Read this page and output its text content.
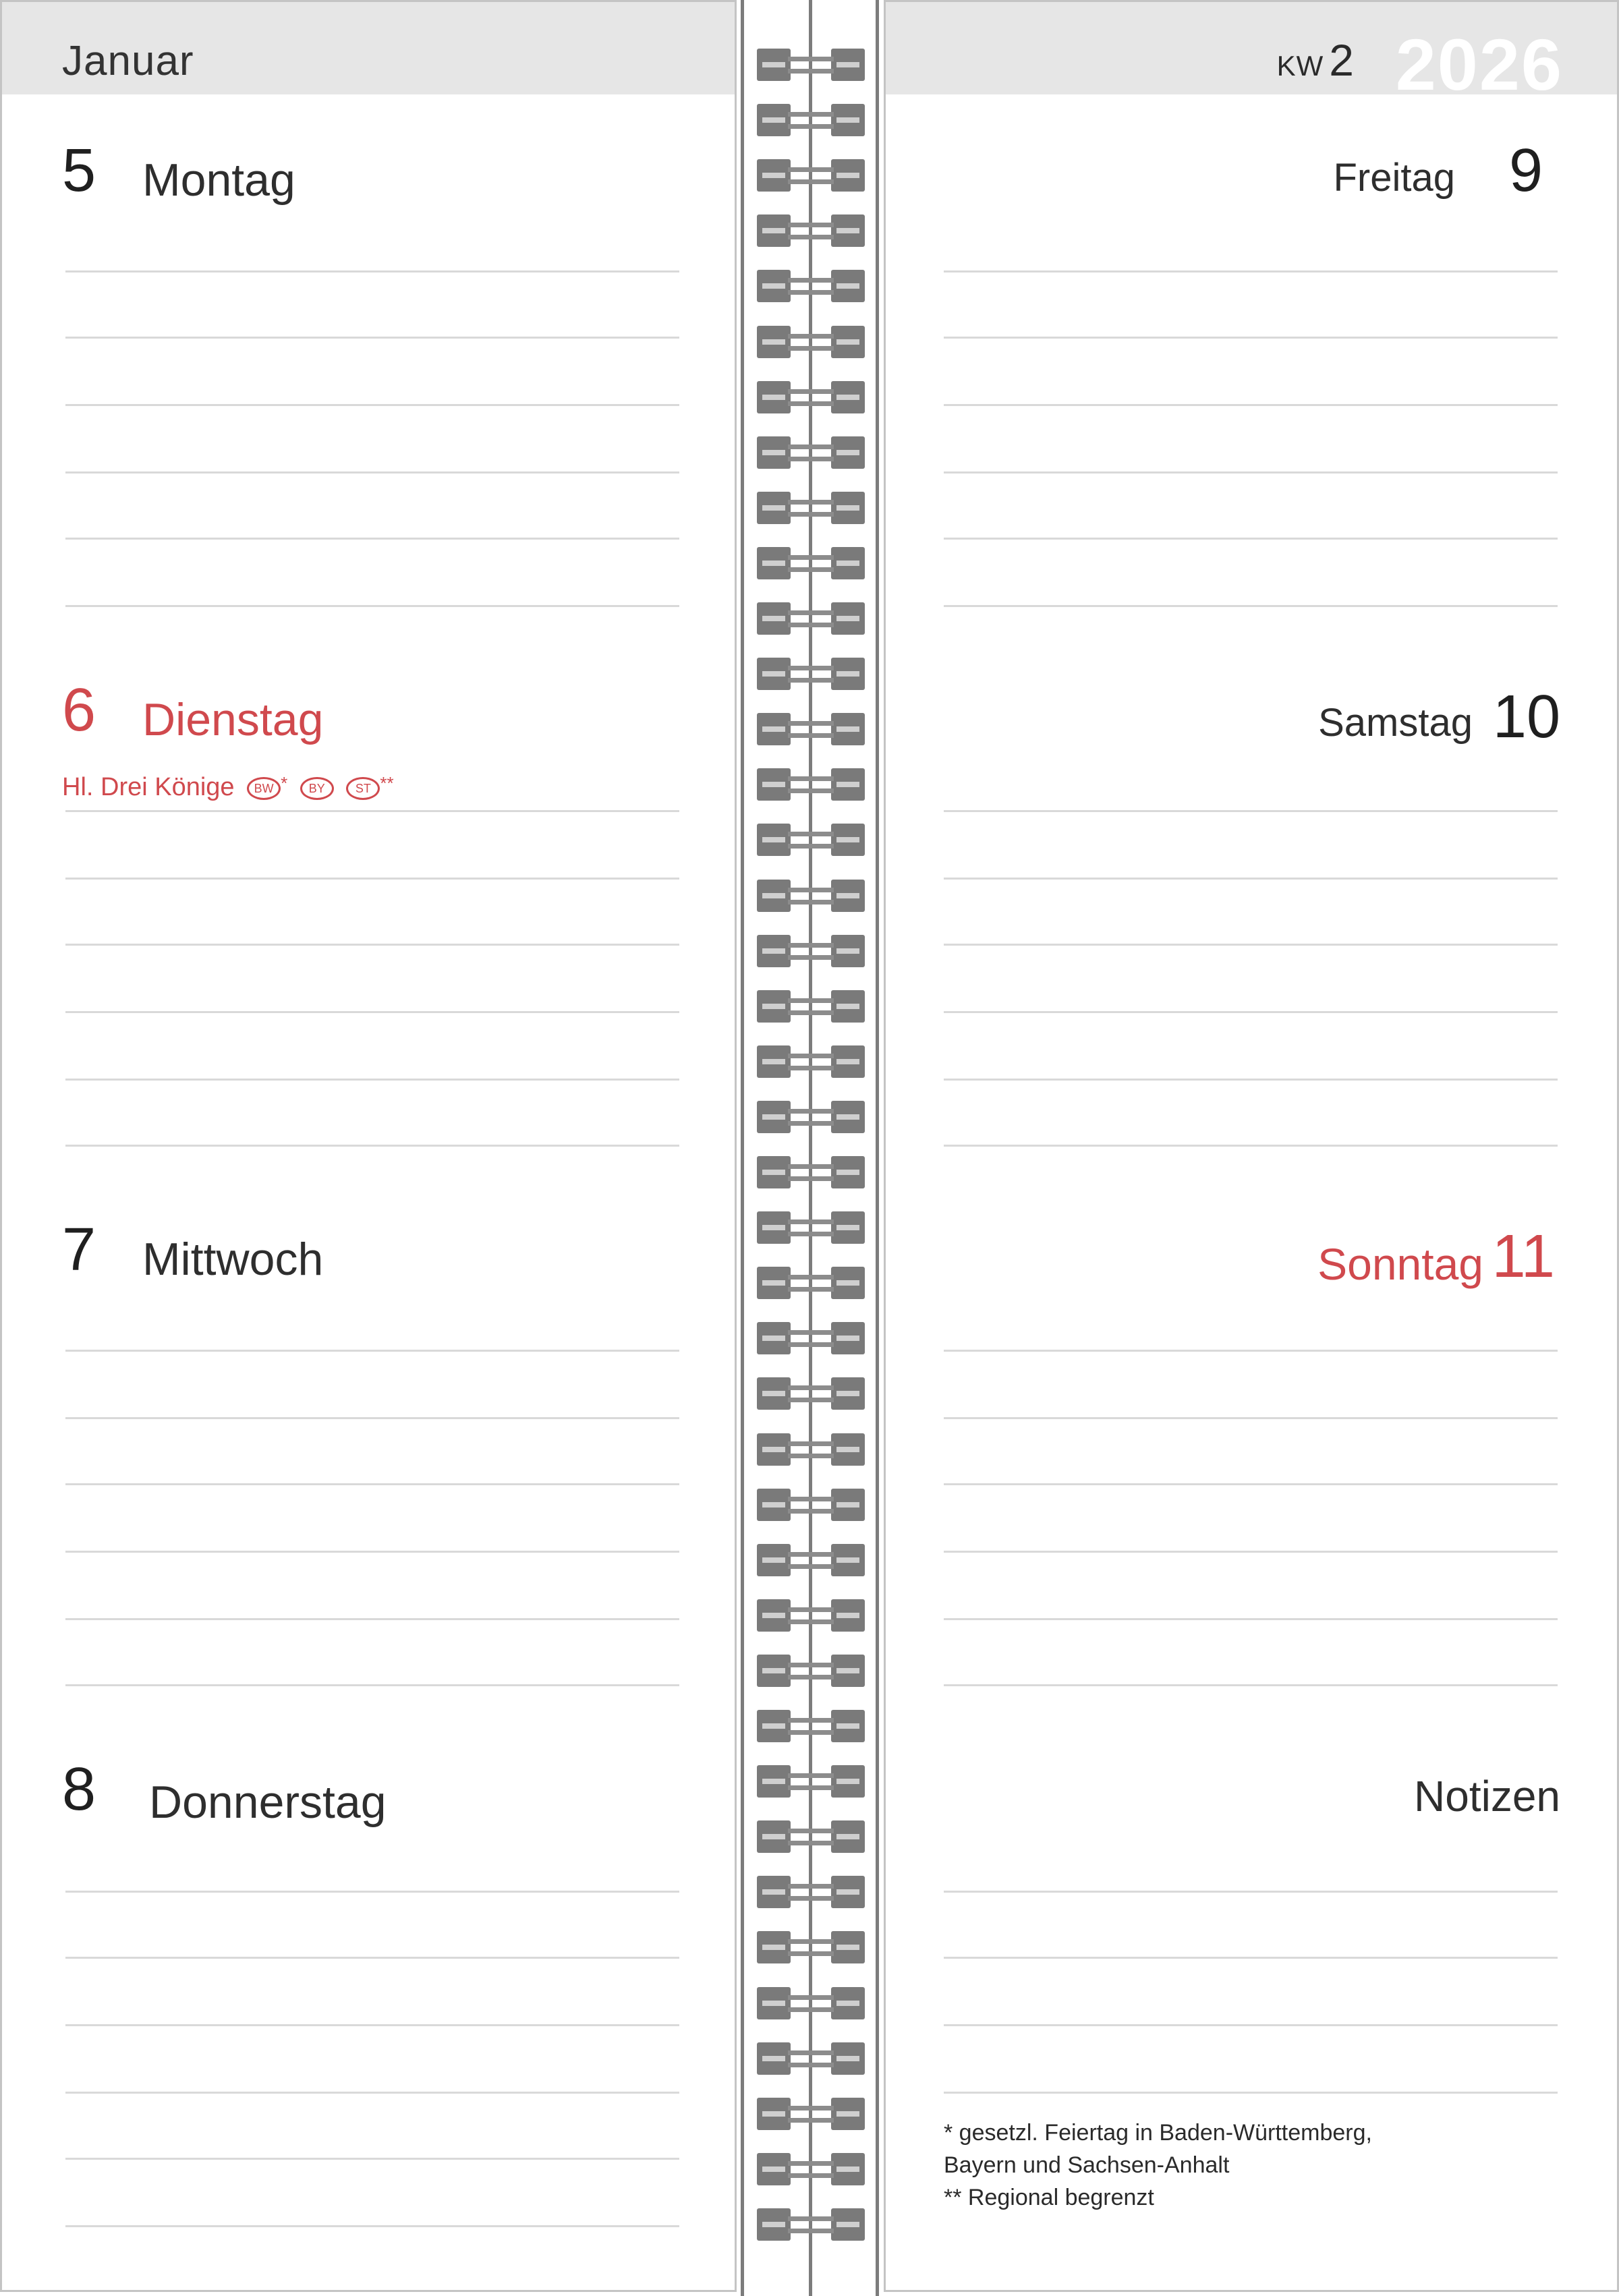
Januar
5 Montag
6 Dienstag
Hl. Drei Könige BW * BY	ST **
7 Mittwoch
8 Donnerstag
KW 2 2026
Freitag 9
Samstag 10
Sonntag 11
Notizen
* gesetzl. Feiertag in Baden-Württemberg,
Bayern und Sachsen-Anhalt
** Regional begrenzt
